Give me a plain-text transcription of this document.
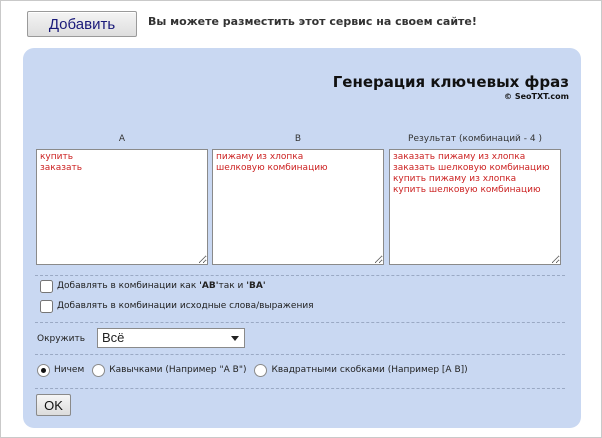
Добавить	Вы можете разместить этот сервис на своем сайте!
Генерация ключевых фраз
© SeoTXT.com
A	B	Результат (комбинаций - 4 )
купить заказать
пижаму из хлопка шелковую комбинацию
заказать пижаму из хлопка заказать шелковую комбинацию купить пижаму из хлопка купить шелковую комбинацию
Добавлять в комбинации как
'AB' так и
'BA'
Добавлять в комбинации исходные слова/выражения
Окружить	Всё
Ничем	Кавычками (Например "A B")	Квадратными скобками (Например [A B])
OK
